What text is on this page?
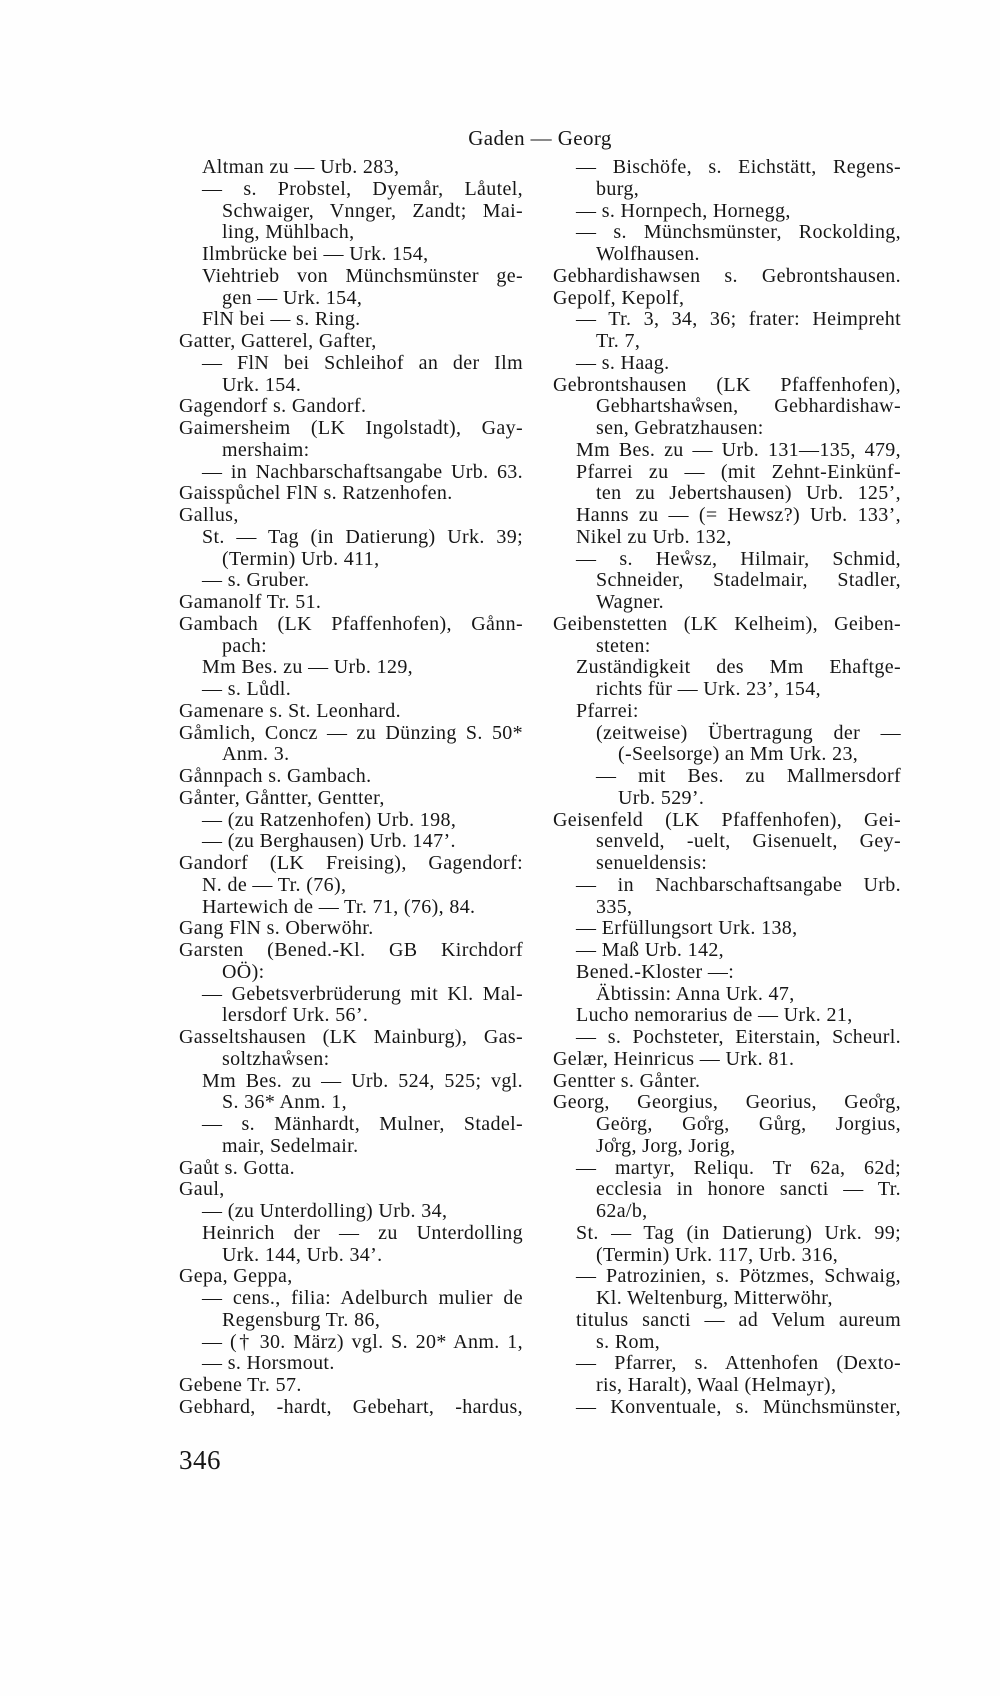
Gaden — Georg
Altman zu — Urb. 283,
— s. Probstel, Dyemår, Låutel,
Schwaiger, Vnnger, Zandt; Mai-
ling, Mühlbach,
Ilmbrücke bei — Urk. 154,
Viehtrieb von Münchsmünster ge-
gen — Urk. 154,
FlN bei — s. Ring.
Gatter, Gatterel, Gafter,
— FlN bei Schleihof an der Ilm
Urk. 154.
Gagendorf s. Gandorf.
Gaimersheim (LK Ingolstadt), Gay-
mershaim:
— in Nachbarschaftsangabe Urb. 63.
Gaisspůchel FlN s. Ratzenhofen.
Gallus,
St. — Tag (in Datierung) Urk. 39;
(Termin) Urb. 411,
— s. Gruber.
Gamanolf Tr. 51.
Gambach (LK Pfaffenhofen), Gånn-
pach:
Mm Bes. zu — Urb. 129,
— s. Lůdl.
Gamenare s. St. Leonhard.
Gåmlich, Concz — zu Dünzing S. 50*
Anm. 3.
Gånnpach s. Gambach.
Gånter, Gåntter, Gentter,
— (zu Ratzenhofen) Urb. 198,
— (zu Berghausen) Urb. 147’.
Gandorf (LK Freising), Gagendorf:
N. de — Tr. (76),
Hartewich de — Tr. 71, (76), 84.
Gang FlN s. Oberwöhr.
Garsten (Bened.-Kl. GB Kirchdorf
OÖ):
— Gebetsverbrüderung mit Kl. Mal-
lersdorf Urk. 56’.
Gasseltshausen (LK Mainburg), Gas-
soltzhaẘsen:
Mm Bes. zu — Urb. 524, 525; vgl.
S. 36* Anm. 1,
— s. Mänhardt, Mulner, Stadel-
mair, Sedelmair.
Gaůt s. Gotta.
Gaul,
— (zu Unterdolling) Urb. 34,
Heinrich der — zu Unterdolling
Urk. 144, Urb. 34’.
Gepa, Geppa,
— cens., filia: Adelburch mulier de
Regensburg Tr. 86,
— († 30. März) vgl. S. 20* Anm. 1,
— s. Horsmout.
Gebene Tr. 57.
Gebhard, -hardt, Gebehart, -hardus,
— Bischöfe, s. Eichstätt, Regens-
burg,
— s. Hornpech, Hornegg,
— s. Münchsmünster, Rockolding,
Wolfhausen.
Gebhardishawsen s. Gebrontshausen.
Gepolf, Kepolf,
— Tr. 3, 34, 36; frater: Heimpreht
Tr. 7,
— s. Haag.
Gebrontshausen (LK Pfaffenhofen),
Gebhartshaẘsen, Gebhardishaw-
sen, Gebratzhausen:
Mm Bes. zu — Urb. 131—135, 479,
Pfarrei zu — (mit Zehnt-Einkünf-
ten zu Jebertshausen) Urb. 125’,
Hanns zu — (= Hewsz?) Urb. 133’,
Nikel zu Urb. 132,
— s. Heẘsz, Hilmair, Schmid,
Schneider, Stadelmair, Stadler,
Wagner.
Geibenstetten (LK Kelheim), Geiben-
steten:
Zuständigkeit des Mm Ehaftge-
richts für — Urk. 23’, 154,
Pfarrei:
(zeitweise) Übertragung der —
(-Seelsorge) an Mm Urk. 23,
— mit Bes. zu Mallmersdorf
Urb. 529’.
Geisenfeld (LK Pfaffenhofen), Gei-
senveld, -uelt, Gisenuelt, Gey-
senueldensis:
— in Nachbarschaftsangabe Urb.
335,
— Erfüllungsort Urk. 138,
— Maß Urb. 142,
Bened.-Kloster —:
Äbtissin: Anna Urk. 47,
Lucho nemorarius de — Urk. 21,
— s. Pochsteter, Eiterstain, Scheurl.
Gelær, Heinricus — Urk. 81.
Gentter s. Gånter.
Georg, Georgius, Georius, Geo̊rg,
Geörg, Go̊rg, Gůrg, Jorgius,
Jo̊rg, Jorg, Jorig,
— martyr, Reliqu. Tr 62a, 62d;
ecclesia in honore sancti — Tr.
62a/b,
St. — Tag (in Datierung) Urk. 99;
(Termin) Urk. 117, Urb. 316,
— Patrozinien, s. Pötzmes, Schwaig,
Kl. Weltenburg, Mitterwöhr,
titulus sancti — ad Velum aureum
s. Rom,
— Pfarrer, s. Attenhofen (Dexto-
ris, Haralt), Waal (Helmayr),
— Konventuale, s. Münchsmünster,
346
